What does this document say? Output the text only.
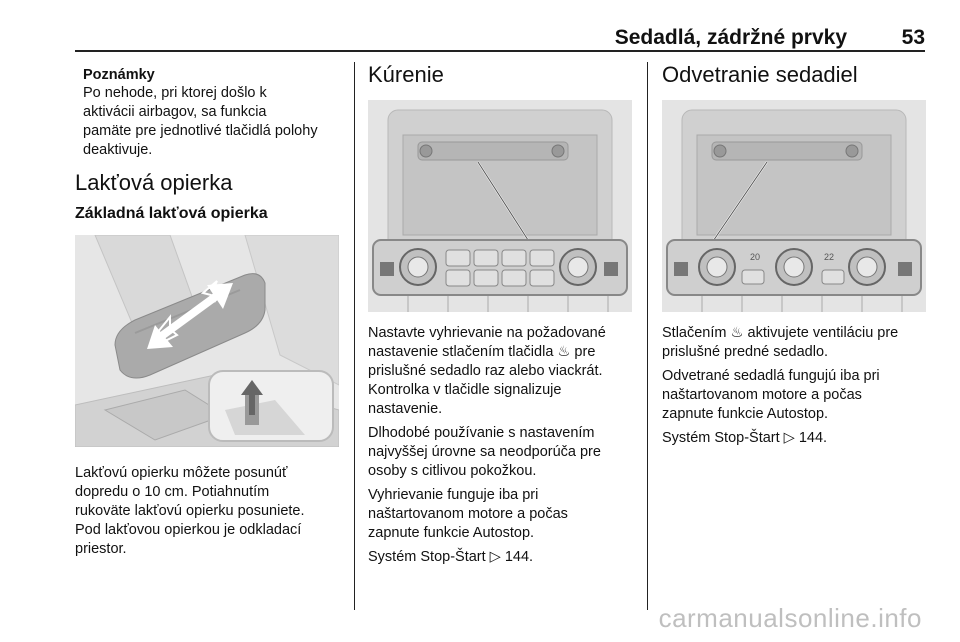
Sedadlá, zádržné prvky	53
Poznámky
Po nehode, pri ktorej došlo k
aktivácii airbagov, sa funkcia
pamäte pre jednotlivé tlačidlá polohy
deaktivuje.
Lakťová opierka
Základná lakťová opierka
Lakťovú opierku môžete posunúť
dopredu o 10 cm. Potiahnutím
rukoväte lakťovú opierku posuniete.
Pod lakťovou opierkou je odkladací
priestor.
Kúrenie
Nastavte vyhrievanie na požadované
nastavenie stlačením tlačidla ♨ pre
prislušné sedadlo raz alebo viackrát.
Kontrolka v tlačidle signalizuje
nastavenie.
Dlhodobé používanie s nastavením
najvyššej úrovne sa neodporúča pre
osoby s citlivou pokožkou.
Vyhrievanie funguje iba pri
naštartovanom motore a počas
zapnute funkcie Autostop.
Systém Stop-Štart ▷ 144.
Odvetranie sedadiel
20	22
Stlačením ♨ aktivujete ventiláciu pre
prislušné predné sedadlo.
Odvetrané sedadlá fungujú iba pri
naštartovanom motore a počas
zapnute funkcie Autostop.
Systém Stop-Štart ▷ 144.
carmanualsonline.info
